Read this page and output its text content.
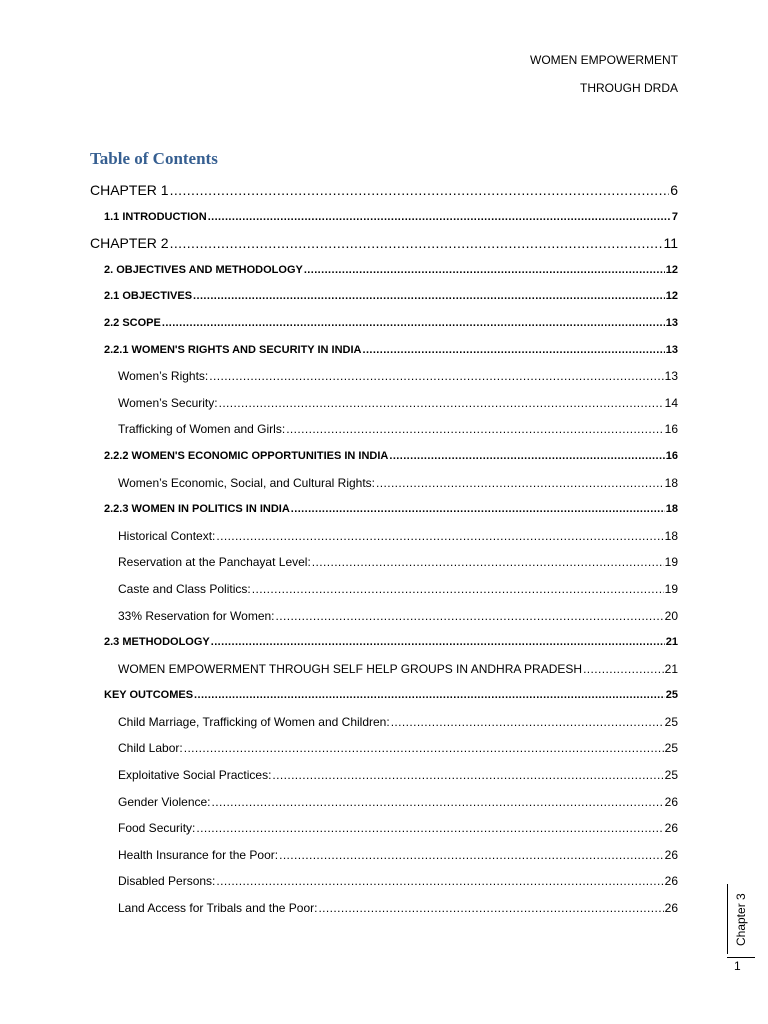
WOMEN EMPOWERMENT
THROUGH DRDA
Table of Contents
CHAPTER 1 .....	6
1.1 INTRODUCTION .....	7
CHAPTER 2 .....	11
2. OBJECTIVES AND METHODOLOGY .....	12
2.1 OBJECTIVES .....	12
2.2 SCOPE .....	13
2.2.1 WOMEN'S RIGHTS AND SECURITY IN INDIA .....	13
Women’s Rights: .....	13
Women’s Security: .....	14
Trafficking of Women and Girls: .....	16
2.2.2 WOMEN'S ECONOMIC OPPORTUNITIES IN INDIA .....	16
Women’s Economic, Social, and Cultural Rights: .....	18
2.2.3 WOMEN IN POLITICS IN INDIA .....	18
Historical Context: .....	18
Reservation at the Panchayat Level: .....	19
Caste and Class Politics: .....	19
33% Reservation for Women: .....	20
2.3 METHODOLOGY .....	21
WOMEN EMPOWERMENT THROUGH SELF HELP GROUPS IN ANDHRA PRADESH .....	21
KEY OUTCOMES .....	25
Child Marriage, Trafficking of Women and Children: .....	25
Child Labor: .....	25
Exploitative Social Practices: .....	25
Gender Violence: .....	26
Food Security: .....	26
Health Insurance for the Poor: .....	26
Disabled Persons: .....	26
Land Access for Tribals and the Poor: .....	26	Chapter 3
1
